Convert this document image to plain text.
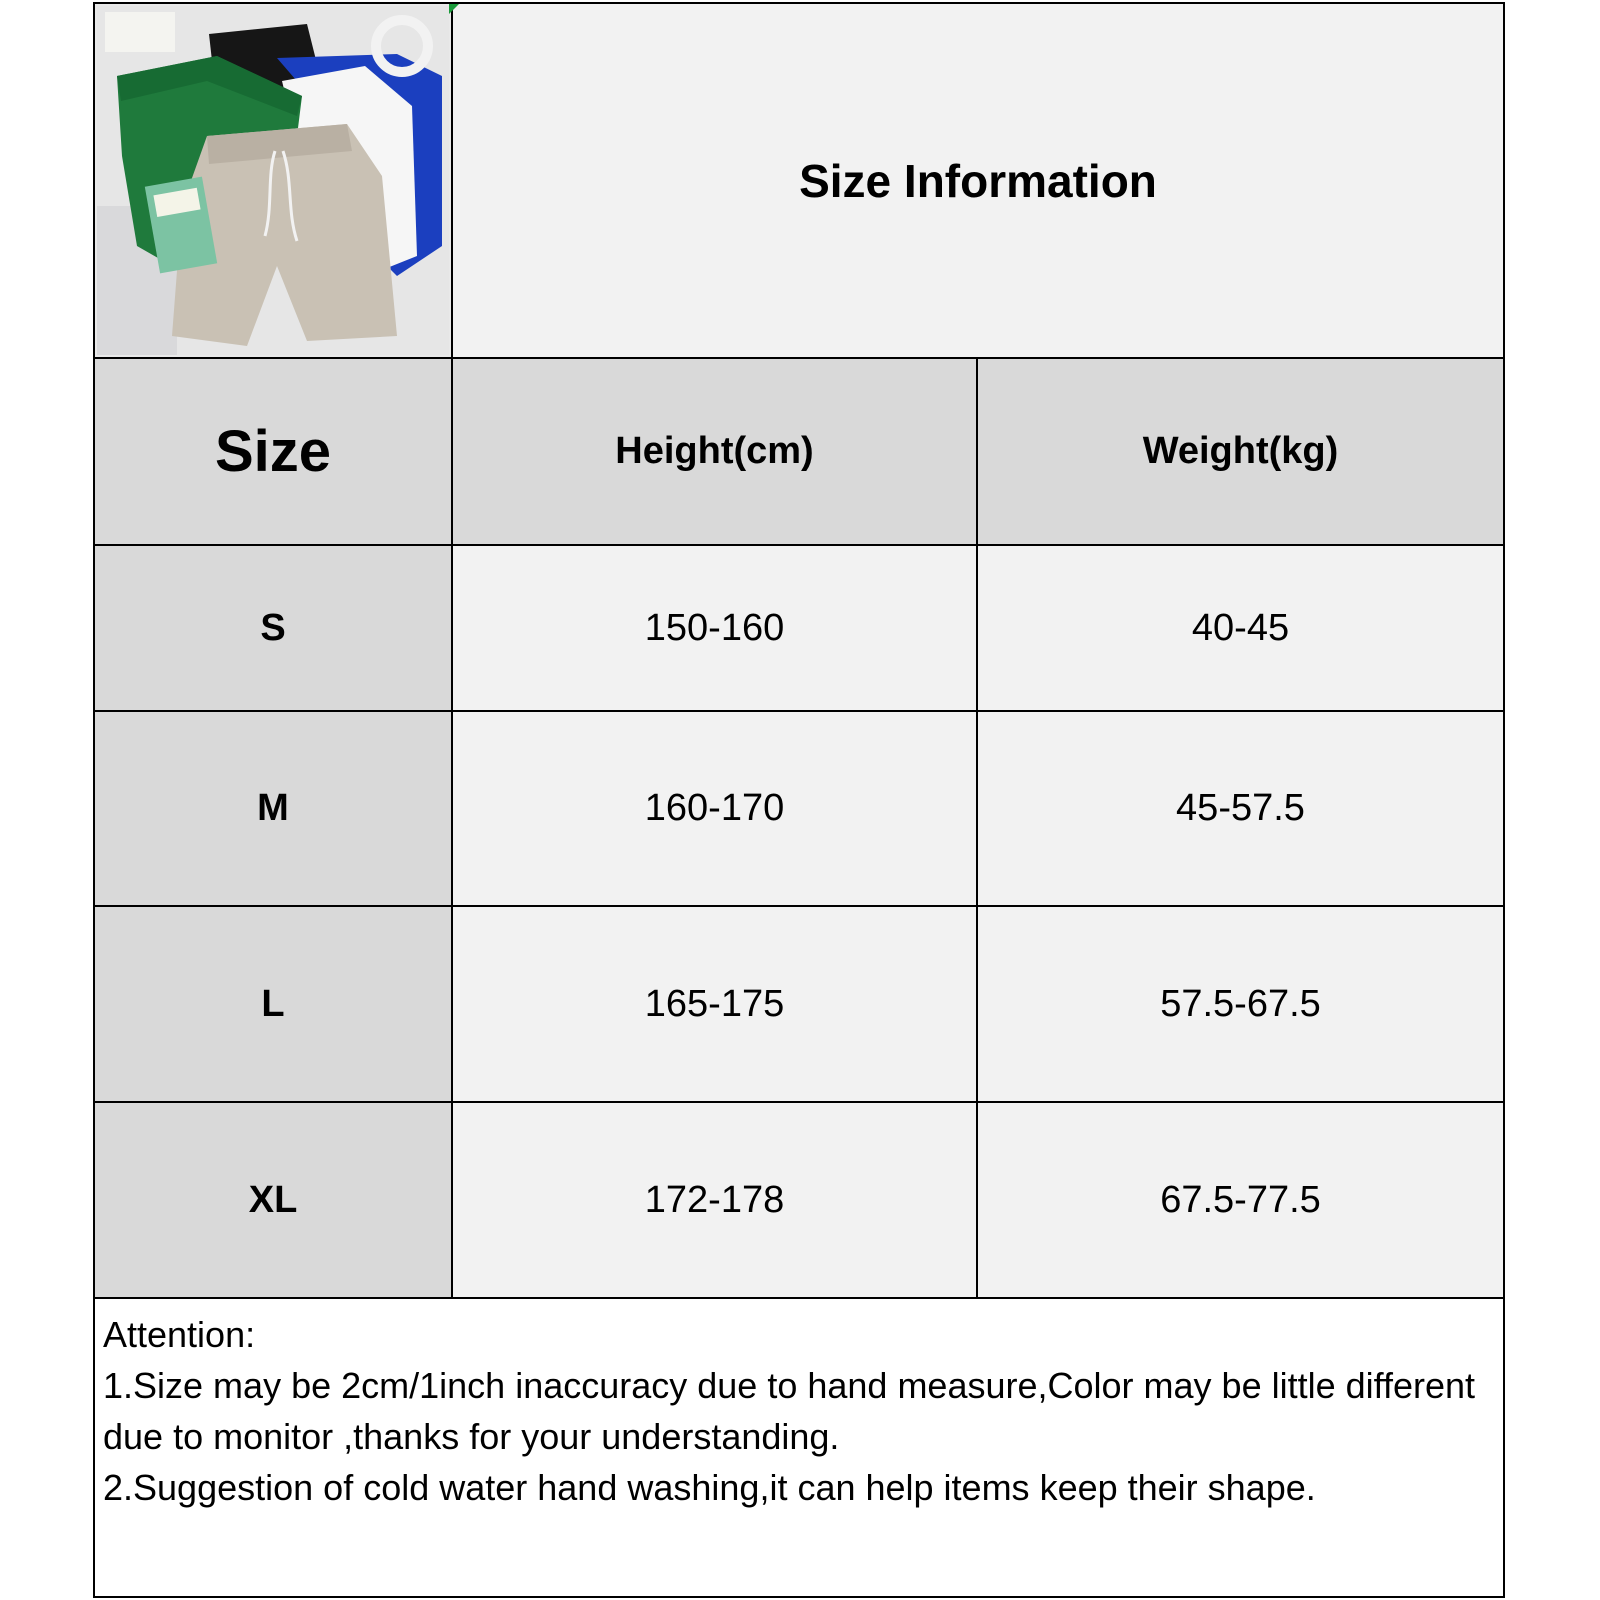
Size Information
Size	Height(cm)	Weight(kg)
S	150-160	40-45
M	160-170	45-57.5
L	165-175	57.5-67.5
XL	172-178	67.5-77.5

Attention:

1.Size may be 2cm/1inch inaccuracy due to hand measure,Color may be little different due to monitor ,thanks for your understanding.

2.Suggestion of cold water hand washing,it can help items keep their shape.
